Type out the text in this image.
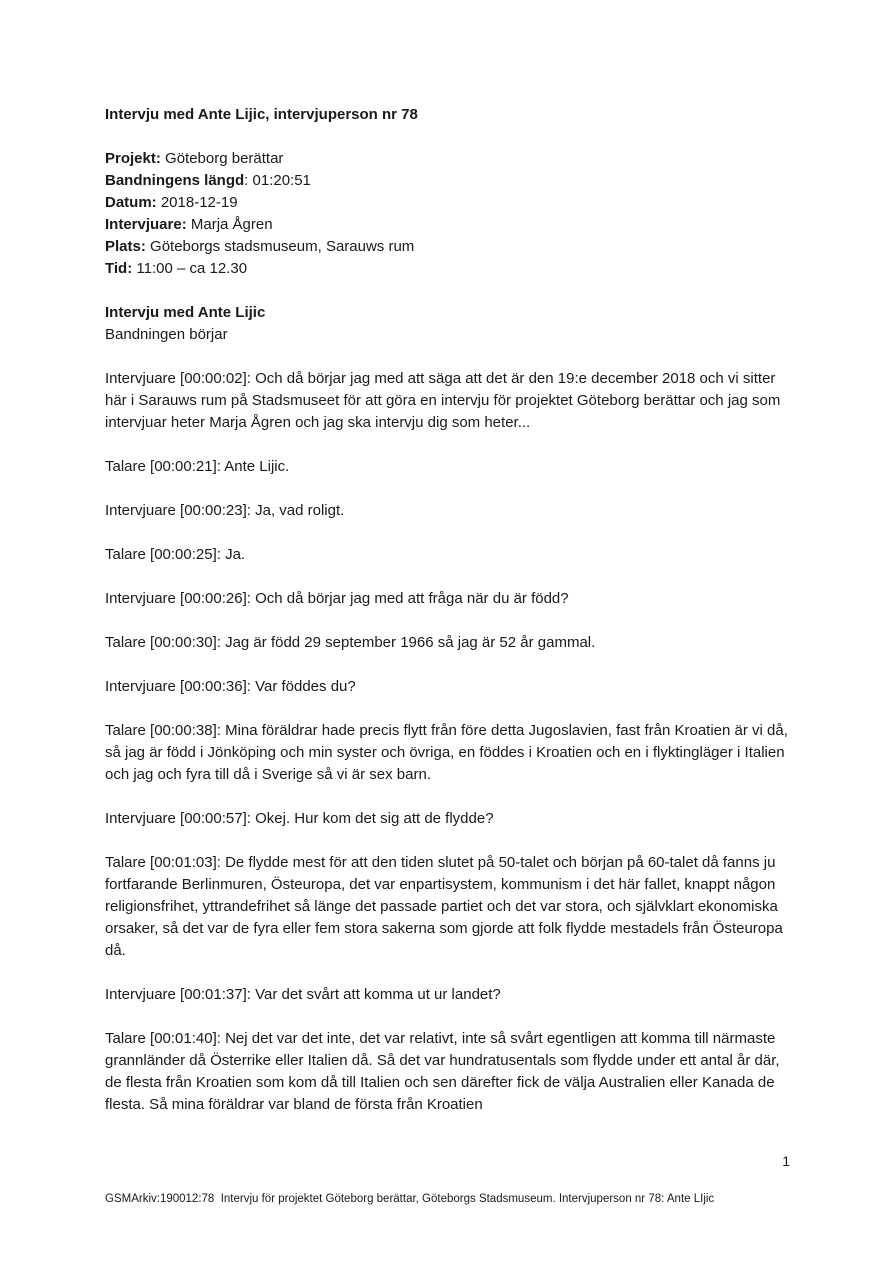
Intervju med Ante Lijic, intervjuperson nr 78

Projekt: Göteborg berättar
Bandningens längd: 01:20:51
Datum: 2018-12-19
Intervjuare: Marja Ågren
Plats: Göteborgs stadsmuseum, Sarauws rum
Tid: 11:00 – ca 12.30
Intervju med Ante Lijic
Bandningen börjar

Intervjuare [00:00:02]: Och då börjar jag med att säga att det är den 19:e december 2018 och vi sitter här i Sarauws rum på Stadsmuseet för att göra en intervju för projektet Göteborg berättar och jag som intervjuar heter Marja Ågren och jag ska intervju dig som heter...

Talare [00:00:21]: Ante Lijic.

Intervjuare [00:00:23]: Ja, vad roligt.

Talare [00:00:25]: Ja.

Intervjuare [00:00:26]: Och då börjar jag med att fråga när du är född?

Talare [00:00:30]: Jag är född 29 september 1966 så jag är 52 år gammal.

Intervjuare [00:00:36]: Var föddes du?

Talare [00:00:38]: Mina föräldrar hade precis flytt från före detta Jugoslavien, fast från Kroatien är vi då, så jag är född i Jönköping och min syster och övriga, en föddes i Kroatien och en i flyktingläger i Italien och jag och fyra till då i Sverige så vi är sex barn.

Intervjuare [00:00:57]: Okej. Hur kom det sig att de flydde?

Talare [00:01:03]: De flydde mest för att den tiden slutet på 50-talet och början på 60-talet då fanns ju fortfarande Berlinmuren, Östeuropa, det var enpartisystem, kommunism i det här fallet, knappt någon religionsfrihet, yttrandefrihet så länge det passade partiet och det var stora, och självklart ekonomiska orsaker, så det var de fyra eller fem stora sakerna som gjorde att folk flydde mestadels från Östeuropa då.

Intervjuare [00:01:37]: Var det svårt att komma ut ur landet?

Talare [00:01:40]: Nej det var det inte, det var relativt, inte så svårt egentligen att komma till närmaste grannländer då Österrike eller Italien då. Så det var hundratusentals som flydde under ett antal år där, de flesta från Kroatien som kom då till Italien och sen därefter fick de välja Australien eller Kanada de flesta. Så mina föräldrar var bland de första från Kroatien

1
GSMArkiv:190012:78  Intervju för projektet Göteborg berättar, Göteborgs Stadsmuseum. Intervjuperson nr 78: Ante LIjic
